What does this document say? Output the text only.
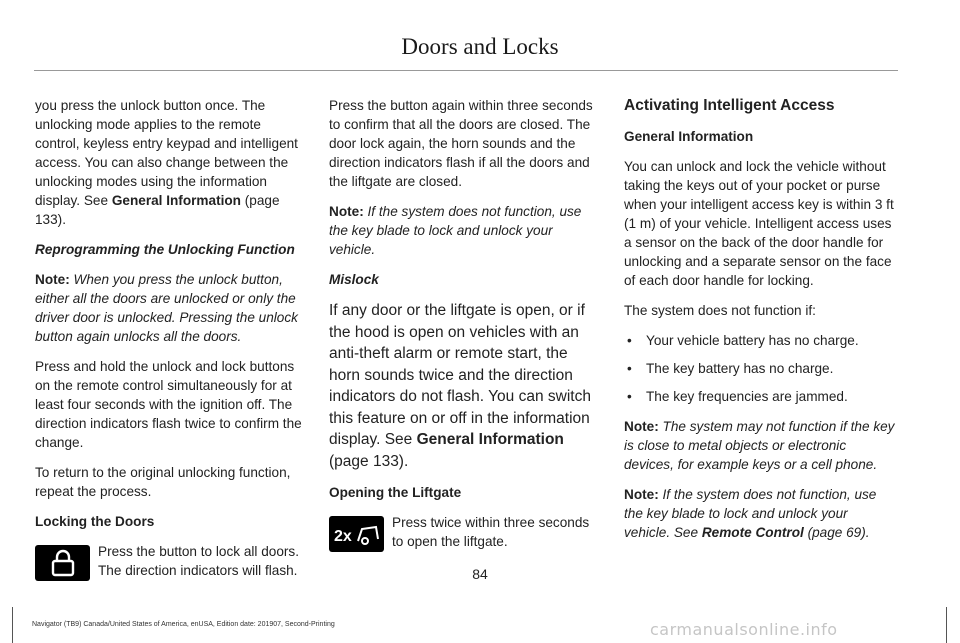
Doors and Locks

you press the unlock button once. The unlocking mode applies to the remote control, keyless entry keypad and intelligent access. You can also change between the unlocking modes using the information display. See General Information (page 133).

Reprogramming the Unlocking Function

Note: When you press the unlock button, either all the doors are unlocked or only the driver door is unlocked. Pressing the unlock button again unlocks all the doors.

Press and hold the unlock and lock buttons on the remote control simultaneously for at least four seconds with the ignition off. The direction indicators flash twice to confirm the change.

To return to the original unlocking function, repeat the process.

Locking the Doors

Press the button to lock all doors. The direction indicators will flash.

Press the button again within three seconds to confirm that all the doors are closed. The door lock again, the horn sounds and the direction indicators flash if all the doors and the liftgate are closed.

Note: If the system does not function, use the key blade to lock and unlock your vehicle.

Mislock

If any door or the liftgate is open, or if the hood is open on vehicles with an anti-theft alarm or remote start, the horn sounds twice and the direction indicators do not flash. You can switch this feature on or off in the information display. See General Information (page 133).

Opening the Liftgate

2x
Press twice within three seconds to open the liftgate.

Activating Intelligent Access

General Information

You can unlock and lock the vehicle without taking the keys out of your pocket or purse when your intelligent access key is within 3 ft (1 m) of your vehicle. Intelligent access uses a sensor on the back of the door handle for unlocking and a separate sensor on the face of each door handle for locking.

The system does not function if:

• Your vehicle battery has no charge.
• The key battery has no charge.
• The key frequencies are jammed.

Note: The system may not function if the key is close to metal objects or electronic devices, for example keys or a cell phone.

Note: If the system does not function, use the key blade to lock and unlock your vehicle. See Remote Control (page 69).

84
Navigator (TB9) Canada/United States of America, enUSA, Edition date: 201907, Second-Printing	carmanualsonline.info
